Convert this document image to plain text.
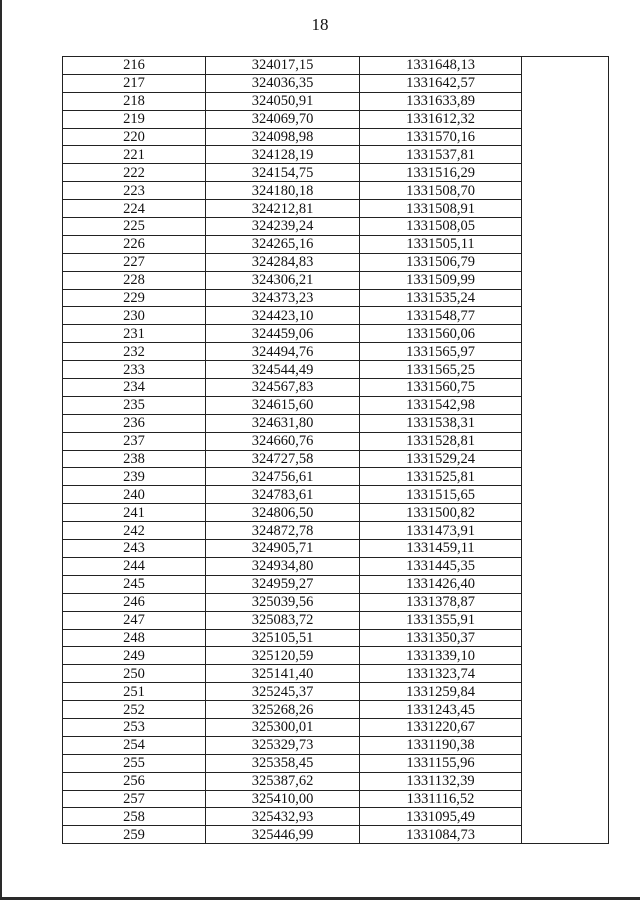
18
216	324017,15	1331648,13	
217	324036,35	1331642,57	
218	324050,91	1331633,89	
219	324069,70	1331612,32	
220	324098,98	1331570,16	
221	324128,19	1331537,81	
222	324154,75	1331516,29	
223	324180,18	1331508,70	
224	324212,81	1331508,91	
225	324239,24	1331508,05	
226	324265,16	1331505,11	
227	324284,83	1331506,79	
228	324306,21	1331509,99	
229	324373,23	1331535,24	
230	324423,10	1331548,77	
231	324459,06	1331560,06	
232	324494,76	1331565,97	
233	324544,49	1331565,25	
234	324567,83	1331560,75	
235	324615,60	1331542,98	
236	324631,80	1331538,31	
237	324660,76	1331528,81	
238	324727,58	1331529,24	
239	324756,61	1331525,81	
240	324783,61	1331515,65	
241	324806,50	1331500,82	
242	324872,78	1331473,91	
243	324905,71	1331459,11	
244	324934,80	1331445,35	
245	324959,27	1331426,40	
246	325039,56	1331378,87	
247	325083,72	1331355,91	
248	325105,51	1331350,37	
249	325120,59	1331339,10	
250	325141,40	1331323,74	
251	325245,37	1331259,84	
252	325268,26	1331243,45	
253	325300,01	1331220,67	
254	325329,73	1331190,38	
255	325358,45	1331155,96	
256	325387,62	1331132,39	
257	325410,00	1331116,52	
258	325432,93	1331095,49	
259	325446,99	1331084,73	
